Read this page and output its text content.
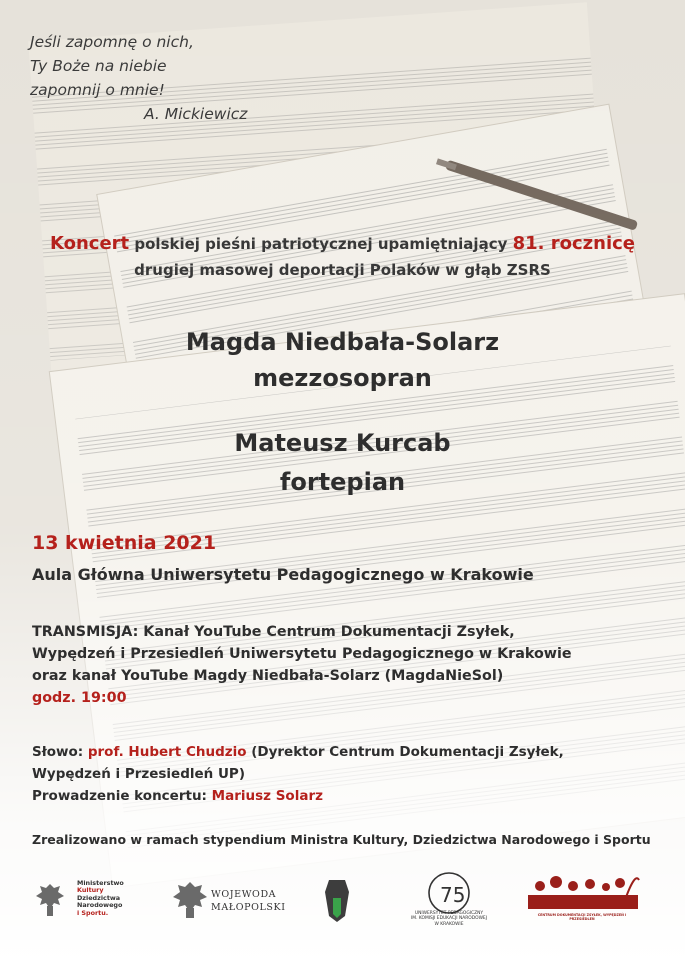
Jeśli zapomnę o nich,
Ty Boże na niebie
zapomnij o mnie!
A. Mickiewicz
Koncert polskiej pieśni patriotycznej upamiętniający 81. rocznicę
drugiej masowej deportacji Polaków w głąb ZSRS
Magda Niedbała-Solarz
mezzosopran
Mateusz Kurcab
fortepian
13 kwietnia 2021
Aula Główna Uniwersytetu Pedagogicznego w Krakowie
TRANSMISJA: Kanał YouTube Centrum Dokumentacji Zsyłek,
Wypędzeń i Przesiedleń Uniwersytetu Pedagogicznego w Krakowie
oraz kanał YouTube Magdy Niedbała-Solarz (MagdaNieSol)
godz. 19:00
Słowo: prof. Hubert Chudzio (Dyrektor Centrum Dokumentacji Zsyłek,
Wypędzeń i Przesiedleń UP)
Prowadzenie koncertu: Mariusz Solarz
Zrealizowano w ramach stypendium Ministra Kultury, Dziedzictwa Narodowego i Sportu
75
Ministerstwo
Kultury
Dziedzictwa
Narodowego
i Sportu.
WOJEWODA
MAŁOPOLSKI
UNIWERSYTET PEDAGOGICZNY
IM. KOMISJI EDUKACJI NARODOWEJ W KRAKOWIE
CENTRUM DOKUMENTACJI ZSYŁEK, WYPĘDZEŃ I PRZESIEDLEŃ
